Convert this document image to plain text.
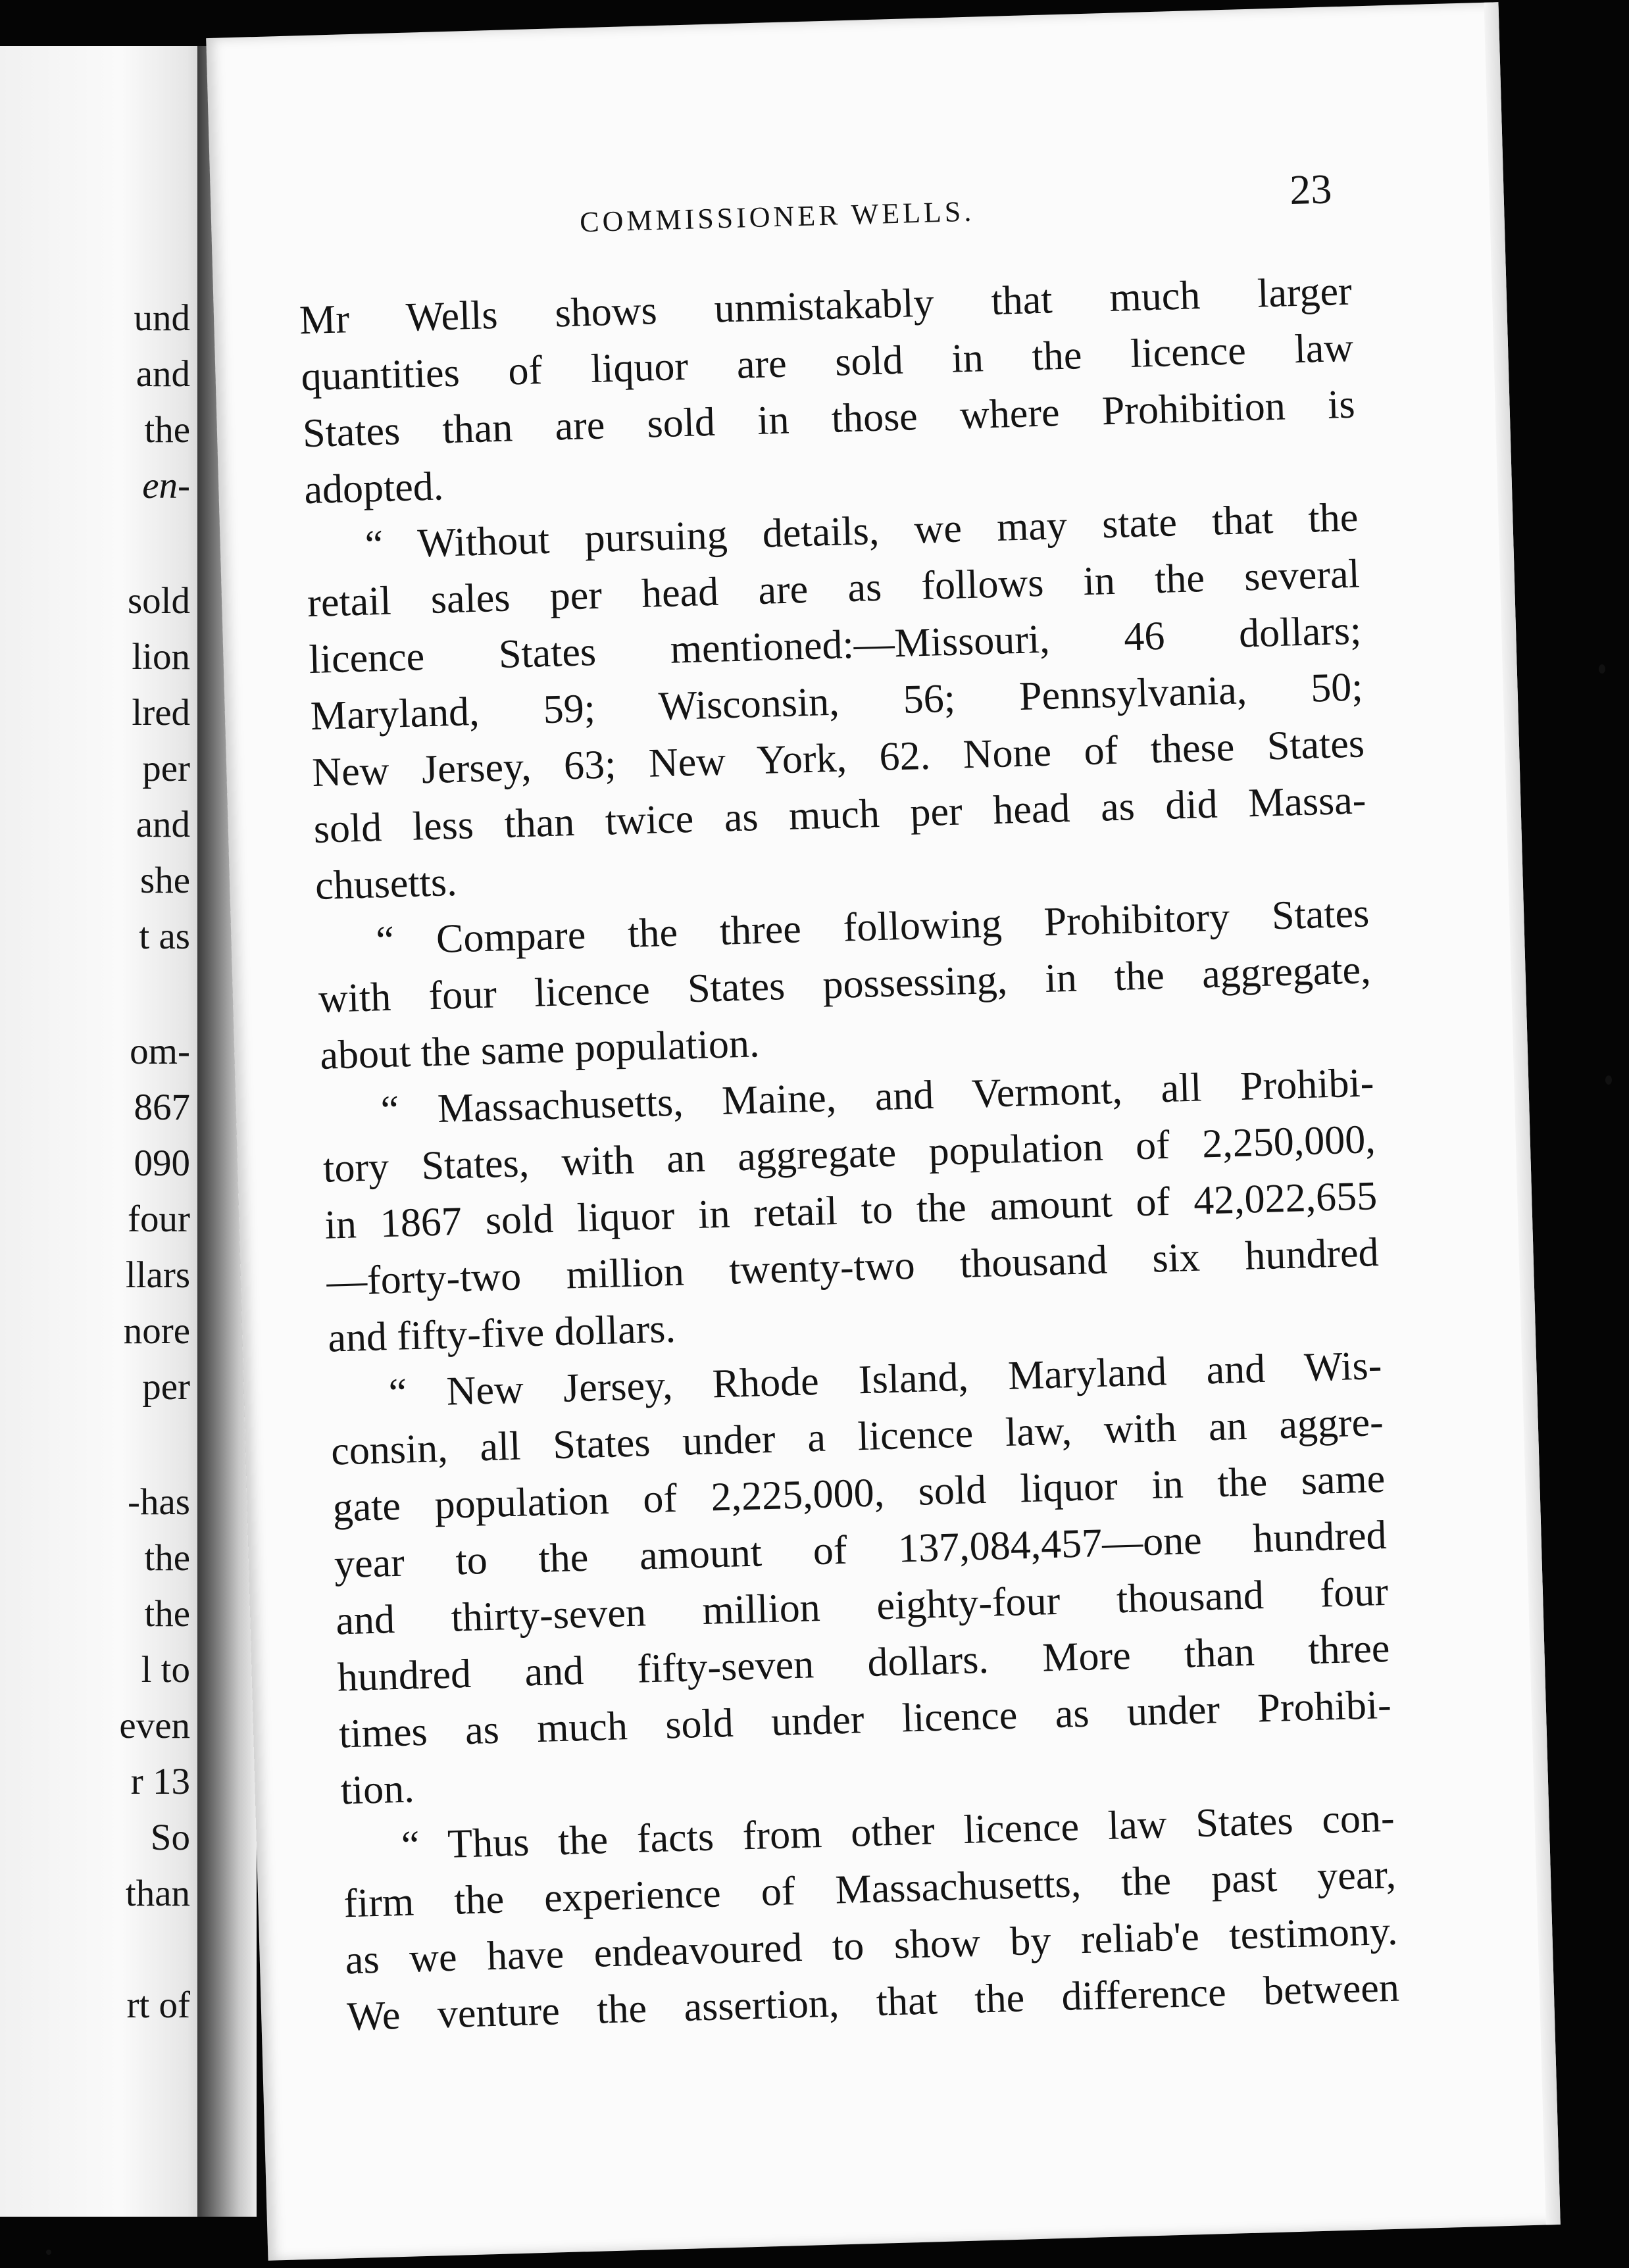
und
and
the
en-
sold
lion
lred
per
and
she
t as
om-
867
090
four
llars
nore
per
-has
the
the
l to
even
r 13
So
than
rt of
COMMISSIONER WELLS.
23
Mr Wells shows unmistakably that much larger
quantities of liquor are sold in the licence law
States than are sold in those where Prohibition is
adopted.
“ Without pursuing details, we may state that the
retail sales per head are as follows in the several
licence States mentioned:—Missouri, 46 dollars;
Maryland, 59; Wisconsin, 56; Pennsylvania, 50;
New Jersey, 63; New York, 62. None of these States
sold less than twice as much per head as did Massa-
chusetts.
“ Compare the three following Prohibitory States
with four licence States possessing, in the aggregate,
about the same population.
“ Massachusetts, Maine, and Vermont, all Prohibi-
tory States, with an aggregate population of 2,250,000,
in 1867 sold liquor in retail to the amount of 42,022,655
—forty-two million twenty-two thousand six hundred
and fifty-five dollars.
“ New Jersey, Rhode Island, Maryland and Wis-
consin, all States under a licence law, with an aggre-
gate population of 2,225,000, sold liquor in the same
year to the amount of 137,084,457—one hundred
and thirty-seven million eighty-four thousand four
hundred and fifty-seven dollars. More than three
times as much sold under licence as under Prohibi-
tion.
“ Thus the facts from other licence law States con-
firm the experience of Massachusetts, the past year,
as we have endeavoured to show by reliab'e testimony.
We venture the assertion, that the difference between
